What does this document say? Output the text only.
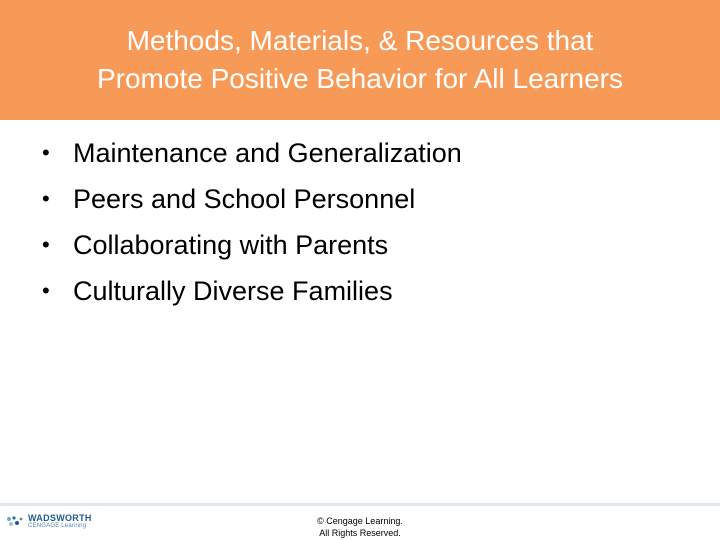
Methods, Materials, & Resources that
Promote Positive Behavior for All Learners
• Maintenance and Generalization
• Peers and School Personnel
• Collaborating with Parents
• Culturally Diverse Families
WADSWORTH
CENGAGE Learning	© Cengage Learning.
All Rights Reserved.
